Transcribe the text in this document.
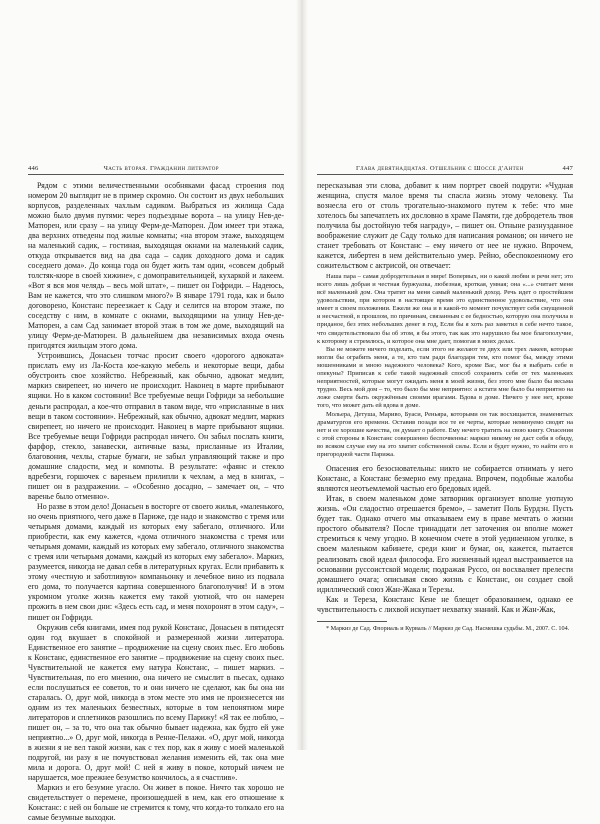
446	Часть вторая. Гражданин литератор

Рядом с этими величественными особняками фасад строения под номером 20 выглядит не в пример скромно. Он состоит из двух небольших корпусов, разделенных чахлым садиком. Выбраться из жилища Сада можно было двумя путями: через подъездные ворота – на улицу Нев-де-Матюрен, или сразу – на улицу Ферм-де-Матюрен. Дом имеет три этажа, два верхних отведены под жилые комнаты; «на втором этаже, выходящем на маленький садик, – гостиная, выходящая окнами на маленький садик, откуда открывается вид на два сада – садик доходного дома и садик соседнего дома». До конца года он будет жить там один, «совсем добрый толстяк-кюре в своей хижине», с домоправительницей, кухаркой и лакеем. «Вот я вся моя челядь – весь мой штат», – пишет он Гофриди. – Надеюсь, Вам не кажется, что это слишком много?» В январе 1791 года, как и было договорено, Констанс переезжает к Саду и селится на втором этаже, по соседству с ним, в комнате с окнами, выходящими на улицу Нев-де-Матюрен, а сам Сад занимает второй этаж в том же доме, выходящий на улицу Ферм-де-Матюрен. В дальнейшем два независимых входа очень пригодятся жильцам этого дома.

Устроившись, Донасьен тотчас просит своего «дорогого адвоката» прислать ему из Ла-Коста кое-какую мебель и некоторые вещи, дабы обустроить свое хозяйство. Небрежный, как обычно, адвокат медлит, маркиз свирепеет, но ничего не происходит. Наконец в марте прибывают ящики. Но в каком состоянии! Все требуемые вещи Гофриди за небольшие деньги распродал, а кое-что отправил в таком виде, что «присланные в них вещи в таком состоянии». Небрежный, как обычно, адвокат медлит, маркиз свирепеет, но ничего не происходит. Наконец в марте прибывают ящики. Все требуемые вещи Гофриди распродал ничего. Он забыл послать книги, фарфор, стекло, занавески, античные вазы, присланные из Италии, благовония, чехлы, старые бумаги, не забыл управляющий также и про домашние сладости, мед и компоты. В результате: «фаянс и стекло вдребезги, горшочек с вареньем прилипли к чехлам, а мед в книгах, – пишет он в раздражении. – «Особенно досадно, – замечает он, – что варенье было отменно».

Но разве в этом дело! Донасьен в восторге от своего жилья, «маленького, но очень приятного, чего даже в Париже, где надо и знакомство с тремя или четырьмя домами, каждый из которых ему забегало, отличного. Или приобрести, как ему кажется, «дома отличного знакомства с тремя или четырьмя домами, каждый из которых ему забегало, отличного знакомства с тремя или четырьмя домами, каждый из которых ему забегало». Маркиз, разумеется, никогда не давал себя в литературных кругах. Если прибавить к этому «честную и заботливую» компаньонку и лечебное вино из подвала его дома, то получается картина совершенного благополучия! И в этом укромном уголке жизнь кажется ему такой уютной, что он намерен прожить в нем свои дни: «Здесь есть сад, и меня похоронят в этом саду», – пишет он Гофриди.

Окружив себя книгами, имея под рукой Констанс, Донасьен в пятидесят один год вкушает в спокойной и размеренной жизни литератора. Единственное его занятие – продвижение на сцену своих пьес. Его любовь к Констанс, единственное его занятие – продвижение на сцену своих пьес. Чувствительной не кажется ему натура Констанс, – пишет маркиз. – Чувствительная, по его мнению, она ничего не смыслит в пьесах, однако если послушаться ее советов, то и они ничего не сделают, как бы она ни старалась. О, друг мой, никогда в этом месте это имя не произнесется ни одним из тех маленьких безвестных, которые в том непонятном мире литераторов и сплетников разошлись по всему Парижу! «Я так ее люблю, – пишет он, – за то, что она так обычно бывает надежна, как будто ей уже неприятно...» О, друг мой, никогда в Ренне-Пелажи. «О, друг мой, никогда в жизни я не вел такой жизни, как с тех пор, как я живу с моей маленькой подругой, ни разу я не почувствовал желания изменить ей, так она мне мила и дорога. О, друг мой! С ней я живу в покое, который ничем не нарушается, мое прежнее безумство кончилось, а я счастлив».

Маркиз и его безумие угасло. Он живет в покое. Ничто так хорошо не свидетельствует о перемене, произошедшей в нем, как его отношение к Констанс: с ней он больше не стремится к тому, что когда-то толкало его на самые безумные выходки.

Глава девятнадцатая. Отшельник с Шоссе д'Антен	447

пересказывая эти слова, добавит к ним портрет своей подруги: «Чудная женщина, спустя малое время ты спасла жизнь этому человеку. Ты вознесла его от столь трогательно-знакомого путем к тебе: что мне хотелось бы запечатлеть их дословно в храме Памяти, где добродетель твоя получила бы достойную тебя награду», – пишет он. Отныне разнузданное воображение служит де Саду только для написания романов; он ничего не станет требовать от Констанс – ему ничего от нее не нужно. Впрочем, кажется, либертен в нем действительно умер. Рейно, обеспокоенному его сожительством с актрисой, он отвечает:

Наша пара – самая добродетельная в мире! Вопервых, ни о какой любви и речи нет; это всего лишь добрая и честная буржуазка, любезная, кроткая, умная; она «...» считает меня всё маленький дом. Она тратит на меня самый маленький доход. Речь идет о простейшем удовольствии, при котором в настоящее время это единственное удовольствие, что она имеет в своем положении. Ежели же она и в какой-то момент почувствует себя смущенной и несчастной, в прошлом, по причинам, связанным с ее бедностью, которую она получила в приданое, без этих небольших денег в год, Если бы я хоть раз заметил в себе нечто такое, что свидетельствовало бы об этом, я бы этого, так как это нарушило бы мое благополучие, к которому я стремлюсь, и которое она мне дает, помогая в моих делах.

Вы не можете ничего поделать, если этого не желают те двух или трех лакеев, которые могли бы ограбить меня, а те, кто там ради благодаря тем, кто помог бы, между этими мошенниками и мною надежного человека? Кого, кроме Вас, мог бы я выбрать себе в опекуны? Приписав к себе такой надежный способ сохранить себя от тех маленьких неприятностей, которые могут ожидать меня в моей жизни, без этого мне было бы весьма трудно. Весь мой дом – то, что было бы мне неприятно: а кстати мне было бы неприятно на ложе смерти быть окружённым своими врагами. Вдова в доме. Ничего у нее нет, кроме того, что может дать ей вдова в доме.

Мольера, Детуша, Мариво, Буаси, Реньяра, которыми он так восхищается, знаменитых драматургов его времени. Оставив позади все те ее черты, которые неминуемо сводят на нет и ее хорошие качества, он думает о работе. Ему нечего тратить на свою книгу. Опасения с этой стороны в Констанс совершенно беспочвенны: маркиз никому не даст себя в обиду, во всяком случае ему на это хватит собственной силы. Если и будет нужно, то найти его в пригородной части Парижа.

Опасения его безосновательны: никто не собирается отнимать у него Констанс, а Констанс безмерно ему предана. Впрочем, подобные жалобы являются неотъемлемой частью его бредовых идей.

Итак, в своем маленьком доме затворник организует вполне уютную жизнь. «Он сладостно отрешается бремо», – заметит Поль Бурдэн. Пусть будет так. Однако отчего мы отказываем ему в праве мечтать о жизни простого обывателя? После тринадцати лет заточения он вполне может стремиться к чему угодно. В конечном счете в этой уединенном уголке, в своем маленьком кабинете, среди книг и бумаг, он, кажется, пытается реализовать свой идеал философа. Его жизненный идеал выстраивается на основании руссоистской модели; подражая Руссо, он восхваляет прелести домашнего очага; описывая свою жизнь с Констанс, он создает свой идиллический союз Жан-Жака и Терезы.

Как и Тереза, Констанс Кене не блещет образованием, однако ее чувствительность с лихвой искупает нехватку знаний. Как и Жан-Жак,

* Маркиз де Сад. Флориаль и Курваль // Маркиз де Сад. Насмешка судьбы. М., 2007. С. 104.
